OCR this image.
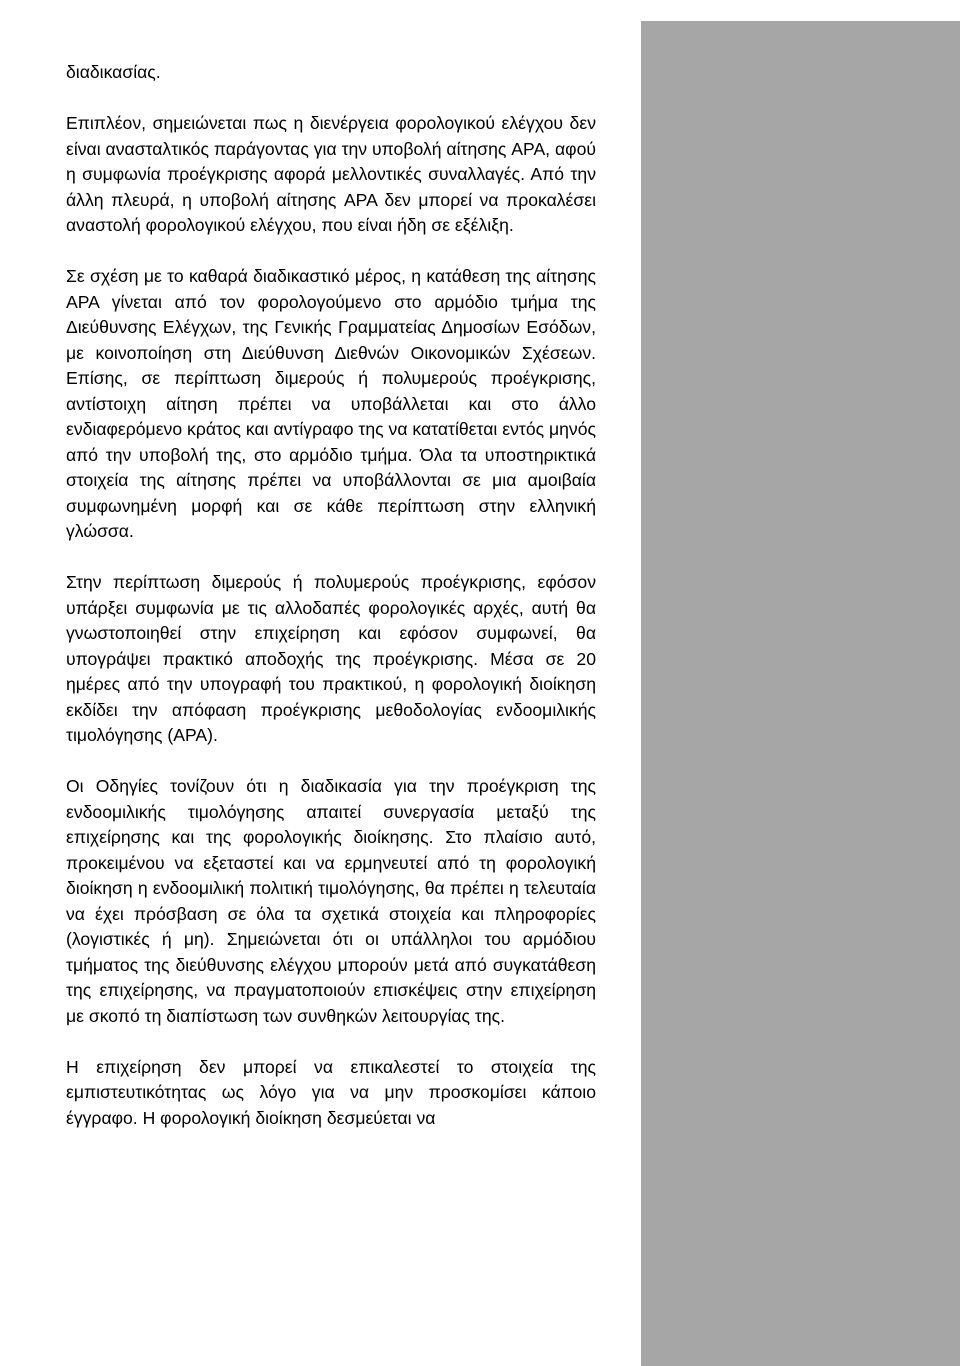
διαδικασίας.

Επιπλέον, σημειώνεται πως η διενέργεια φορολογικού ελέγχου δεν είναι ανασταλτικός παράγοντας για την υποβολή αίτησης APA, αφού η συμφωνία προέγκρισης αφορά μελλοντικές συναλλαγές. Από την άλλη πλευρά, η υποβολή αίτησης APA δεν μπορεί να προκαλέσει αναστολή φορολογικού ελέγχου, που είναι ήδη σε εξέλιξη.

Σε σχέση με το καθαρά διαδικαστικό μέρος, η κατάθεση της αίτησης APA γίνεται από τον φορολογούμενο στο αρμόδιο τμήμα της Διεύθυνσης Ελέγχων, της Γενικής Γραμματείας Δημοσίων Εσόδων, με κοινοποίηση στη Διεύθυνση Διεθνών Οικονομικών Σχέσεων. Επίσης, σε περίπτωση διμερούς ή πολυμερούς προέγκρισης, αντίστοιχη αίτηση πρέπει να υποβάλλεται και στο άλλο ενδιαφερόμενο κράτος και αντίγραφο της να κατατίθεται εντός μηνός από την υποβολή της, στο αρμόδιο τμήμα. Όλα τα υποστηρικτικά στοιχεία της αίτησης πρέπει να υποβάλλονται σε μια αμοιβαία συμφωνημένη μορφή και σε κάθε περίπτωση στην ελληνική γλώσσα.

Στην περίπτωση διμερούς ή πολυμερούς προέγκρισης, εφόσον υπάρξει συμφωνία με τις αλλοδαπές φορολογικές αρχές, αυτή θα γνωστοποιηθεί στην επιχείρηση και εφόσον συμφωνεί, θα υπογράψει πρακτικό αποδοχής της προέγκρισης. Μέσα σε 20 ημέρες από την υπογραφή του πρακτικού, η φορολογική διοίκηση εκδίδει την απόφαση προέγκρισης μεθοδολογίας ενδοομιλικής τιμολόγησης (APA).

Οι Οδηγίες τονίζουν ότι η διαδικασία για την προέγκριση της ενδοομιλικής τιμολόγησης απαιτεί συνεργασία μεταξύ της επιχείρησης και της φορολογικής διοίκησης. Στο πλαίσιο αυτό, προκειμένου να εξεταστεί και να ερμηνευτεί από τη φορολογική διοίκηση η ενδοομιλική πολιτική τιμολόγησης, θα πρέπει η τελευταία να έχει πρόσβαση σε όλα τα σχετικά στοιχεία και πληροφορίες (λογιστικές ή μη). Σημειώνεται ότι οι υπάλληλοι του αρμόδιου τμήματος της διεύθυνσης ελέγχου μπορούν μετά από συγκατάθεση της επιχείρησης, να πραγματοποιούν επισκέψεις στην επιχείρηση με σκοπό τη διαπίστωση των συνθηκών λειτουργίας της.

Η επιχείρηση δεν μπορεί να επικαλεστεί το στοιχεία της εμπιστευτικότητας ως λόγο για να μην προσκομίσει κάποιο έγγραφο. Η φορολογική διοίκηση δεσμεύεται να
